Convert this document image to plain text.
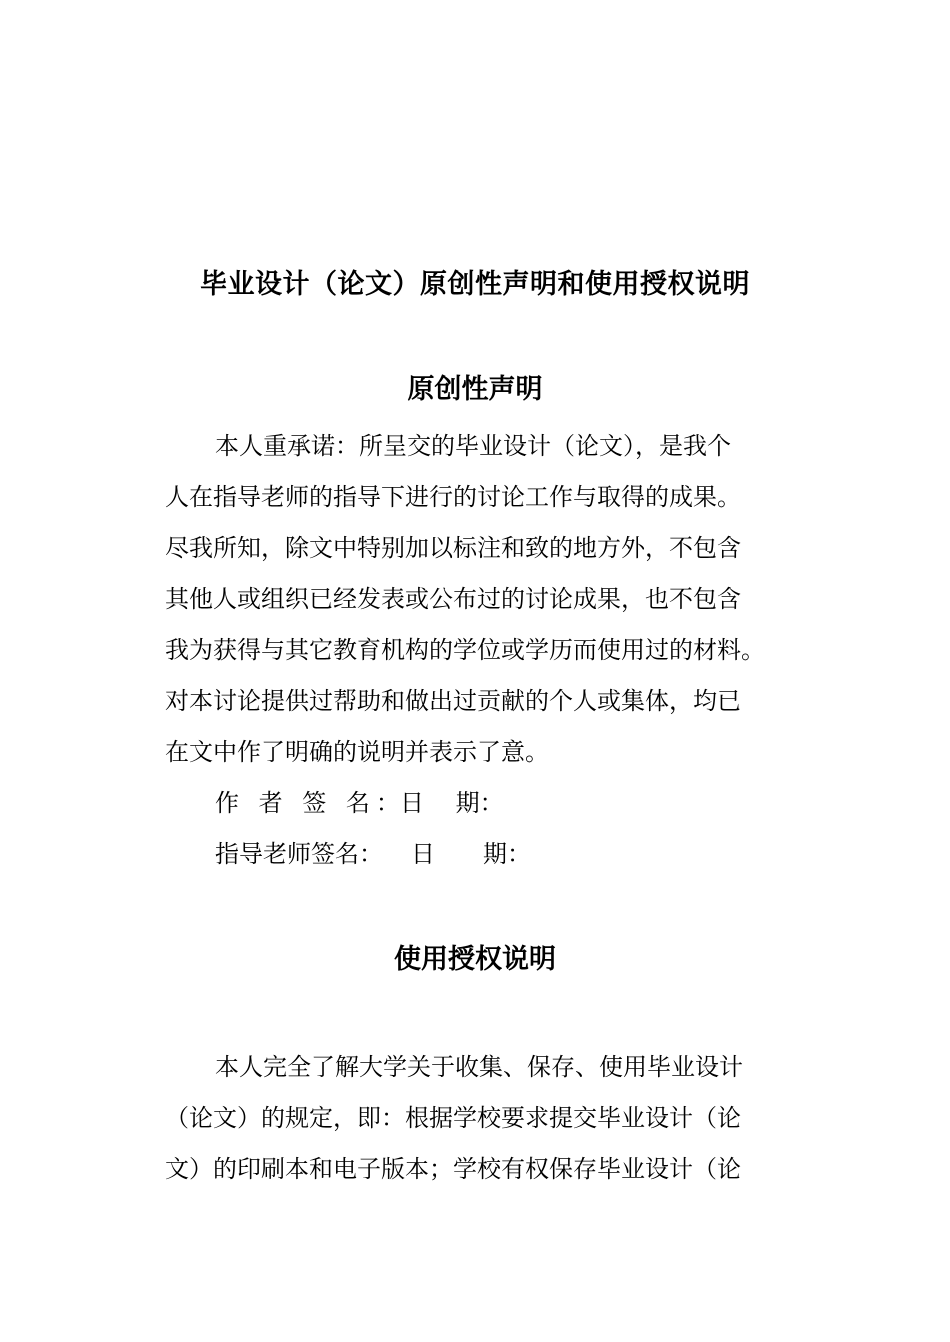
毕业设计（论文）原创性声明和使用授权说明
原创性声明
本人重承诺：所呈交的毕业设计（论文），是我个
人在指导老师的指导下进行的讨论工作与取得的成果。
尽我所知，除文中特别加以标注和致的地方外，不包含
其他人或组织已经发表或公布过的讨论成果，也不包含
我为获得与其它教育机构的学位或学历而使用过的材料。
对本讨论提供过帮助和做出过贡献的个人或集体，均已
在文中作了明确的说明并表示了意。
作 者 签 名：日　 期：
指导老师签名： 日　　期：
使用授权说明
本人完全了解大学关于收集、保存、使用毕业设计
（论文）的规定，即：根据学校要求提交毕业设计（论
文）的印刷本和电子版本；学校有权保存毕业设计（论
